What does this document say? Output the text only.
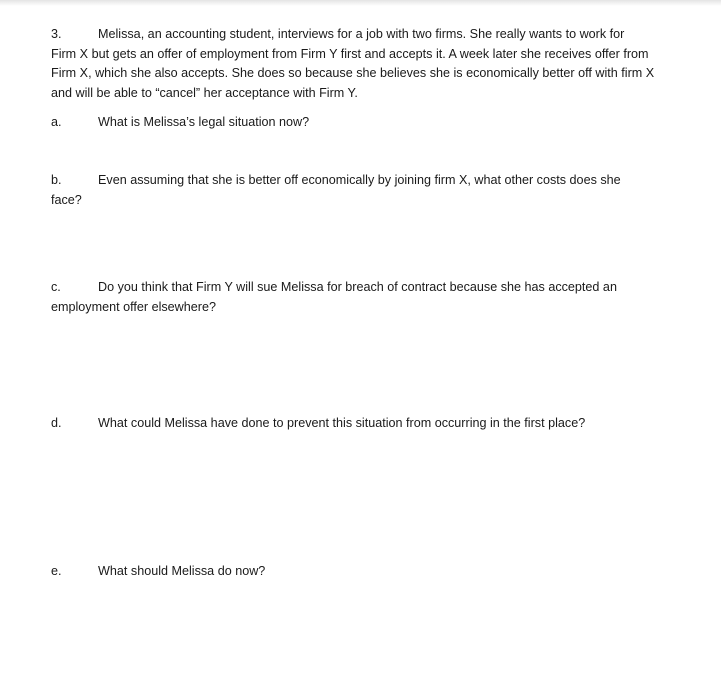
3.	Melissa, an accounting student, interviews for a job with two firms. She really wants to work for
Firm X but gets an offer of employment from Firm Y first and accepts it. A week later she receives offer from Firm X, which she also accepts. She does so because she believes she is economically better off with firm X and will be able to “cancel” her acceptance with Firm Y.
a.	What is Melissa’s legal situation now?
b.	Even assuming that she is better off economically by joining firm X, what other costs does she
face?
c.	Do you think that Firm Y will sue Melissa for breach of contract because she has accepted an
employment offer elsewhere?
d.	What could Melissa have done to prevent this situation from occurring in the first place?
e.	What should Melissa do now?
